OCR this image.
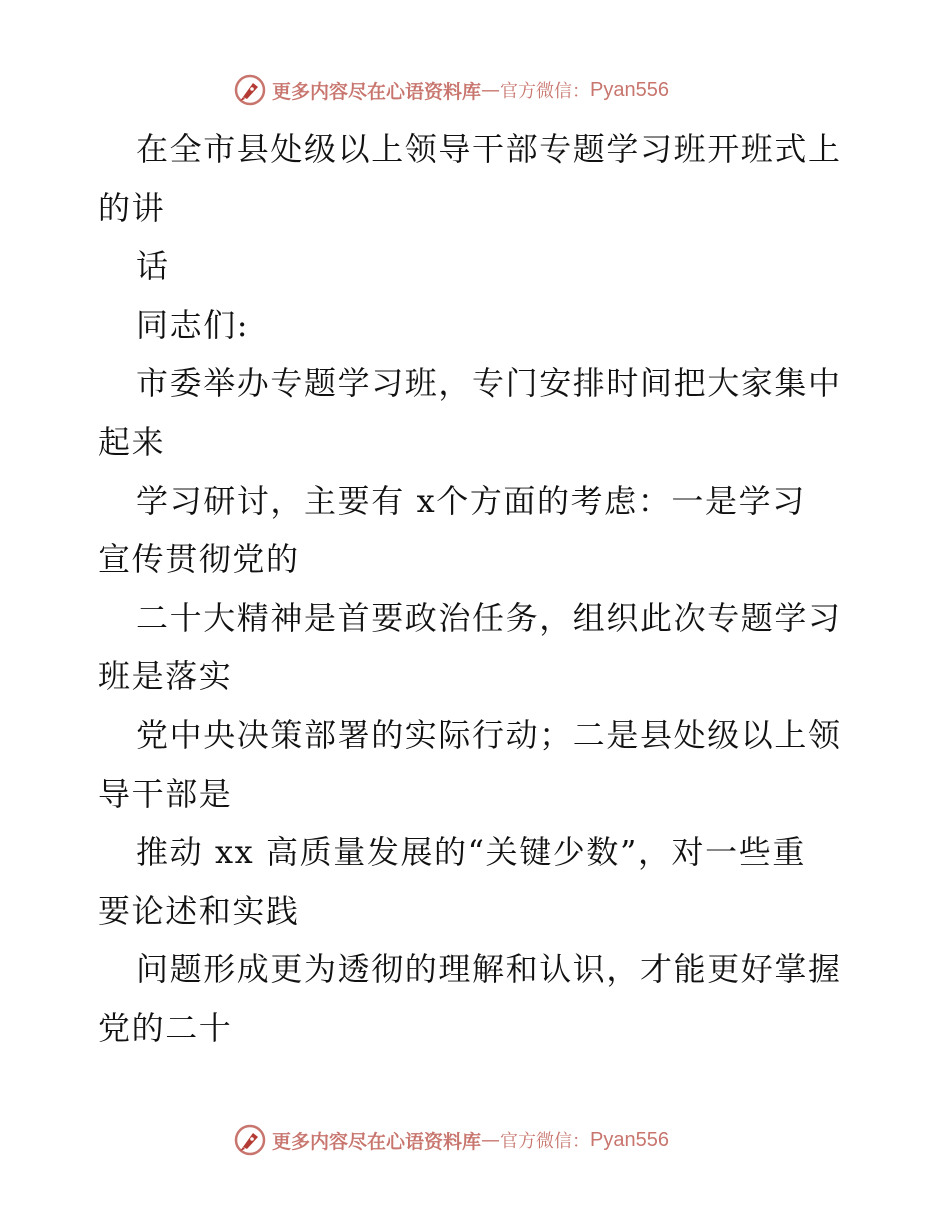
更多内容尽在心语资料库 — 官方微信： Pyan556
在全市县处级以上领导干部专题学习班开班式上
的讲
话
同志们:
市委举办专题学习班，专门安排时间把大家集中
起来
学习研讨，主要有 x个方面的考虑：一是学习
宣传贯彻党的
二十大精神是首要政治任务，组织此次专题学习
班是落实
党中央决策部署的实际行动；二是县处级以上领
导干部是
推动 xx 高质量发展的“关键少数”，对一些重
要论述和实践
问题形成更为透彻的理解和认识，才能更好掌握
党的二十
更多内容尽在心语资料库 — 官方微信： Pyan556
